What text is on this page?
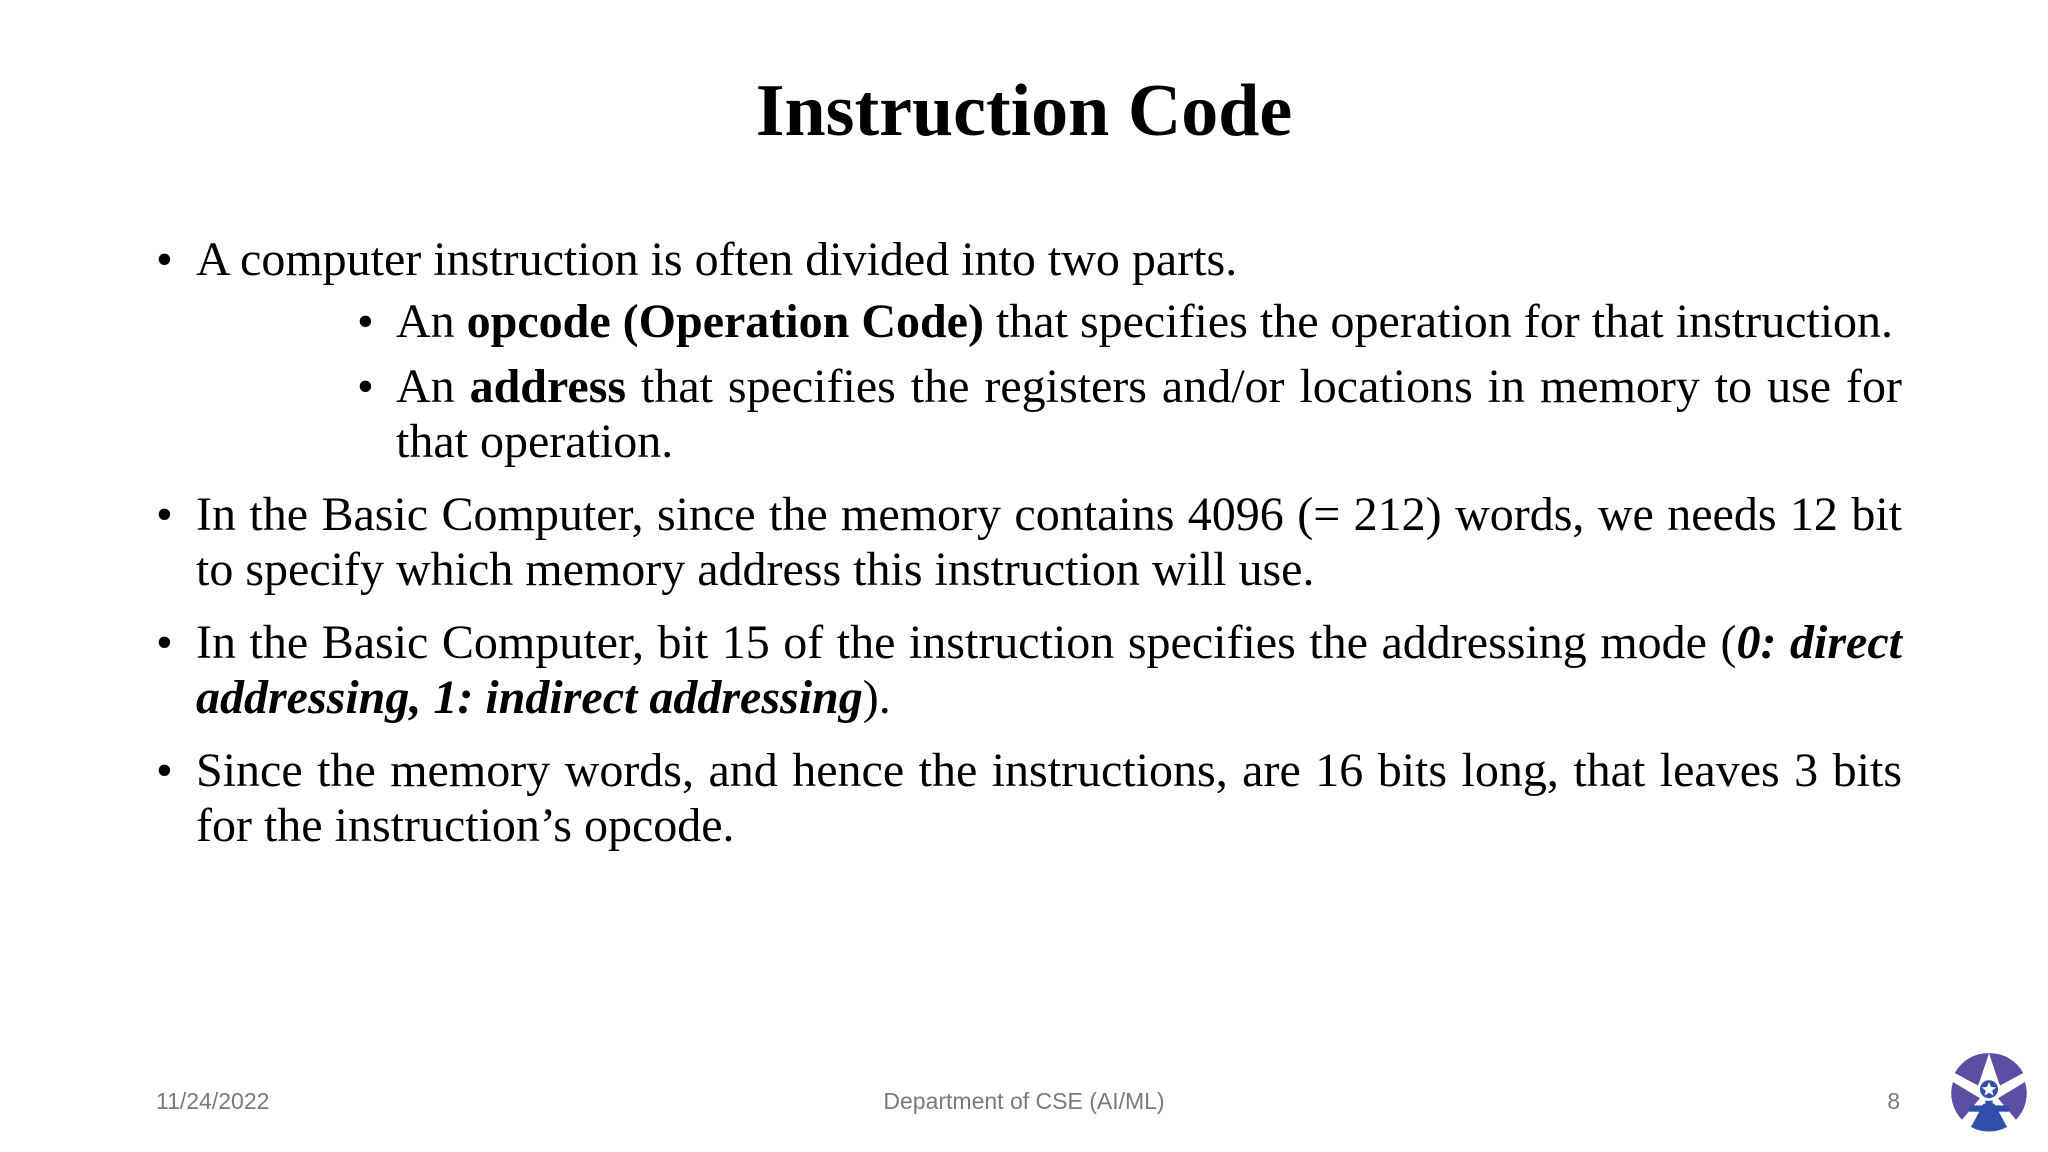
Instruction Code
• A computer instruction is often divided into two parts.
• An opcode (Operation Code) that specifies the operation for that instruction.
• An address that specifies the registers and/or locations in memory to use for that operation.
• In the Basic Computer, since the memory contains 4096 (= 212) words, we needs 12 bit to specify which memory address this instruction will use.
• In the Basic Computer, bit 15 of the instruction specifies the addressing mode (0: direct addressing, 1: indirect addressing).
• Since the memory words, and hence the instructions, are 16 bits long, that leaves 3 bits for the instruction’s opcode.
11/24/2022	Department of CSE (AI/ML)	8
